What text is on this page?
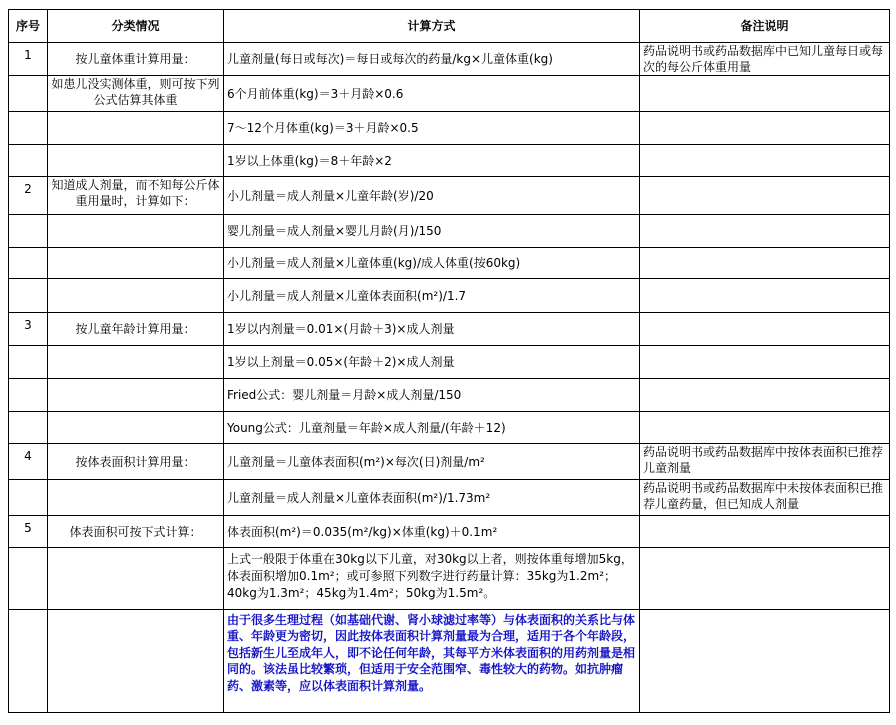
序号	分类情况	计算方式	备注说明
1	按儿童体重计算用量：	儿童剂量(每日或每次)＝每日或每次的药量/kg×儿童体重(kg)	药品说明书或药品数据库中已知儿童每日或每次的每公斤体重用量
	如患儿没实测体重，则可按下列公式估算其体重	6个月前体重(kg)＝3＋月龄×0.6	
		7～12个月体重(kg)＝3＋月龄×0.5	
		1岁以上体重(kg)＝8＋年龄×2	
2	知道成人剂量，而不知每公斤体重用量时，计算如下：	小儿剂量＝成人剂量×儿童年龄(岁)/20	
		婴儿剂量＝成人剂量×婴儿月龄(月)/150	
		小儿剂量＝成人剂量×儿童体重(kg)/成人体重(按60kg)	
		小儿剂量＝成人剂量×儿童体表面积(m²)/1.7	
3	按儿童年龄计算用量：	1岁以内剂量＝0.01×(月龄＋3)×成人剂量	
		1岁以上剂量＝0.05×(年龄＋2)×成人剂量	
		Fried公式：婴儿剂量＝月龄×成人剂量/150	
		Young公式：儿童剂量＝年龄×成人剂量/(年龄＋12)	
4	按体表面积计算用量：	儿童剂量＝儿童体表面积(m²)×每次(日)剂量/m²	药品说明书或药品数据库中按体表面积已推荐儿童剂量
		儿童剂量＝成人剂量×儿童体表面积(m²)/1.73m²	药品说明书或药品数据库中未按体表面积已推荐儿童药量，但已知成人剂量
5	体表面积可按下式计算：	体表面积(m²)＝0.035(m²/kg)×体重(kg)＋0.1m²	
		上式一般限于体重在30kg以下儿童，对30kg以上者，则按体重每增加5kg，体表面积增加0.1m²；或可参照下列数字进行药量计算：35kg为1.2m²；40kg为1.3m²；45kg为1.4m²；50kg为1.5m²。	
		由于很多生理过程（如基础代谢、肾小球滤过率等）与体表面积的关系比与体重、年龄更为密切，因此按体表面积计算剂量最为合理，适用于各个年龄段，包括新生儿至成年人，即不论任何年龄，其每平方米体表面积的用药剂量是相同的。该法虽比较繁琐，但适用于安全范围窄、毒性较大的药物。如抗肿瘤药、激素等，应以体表面积计算剂量。	
